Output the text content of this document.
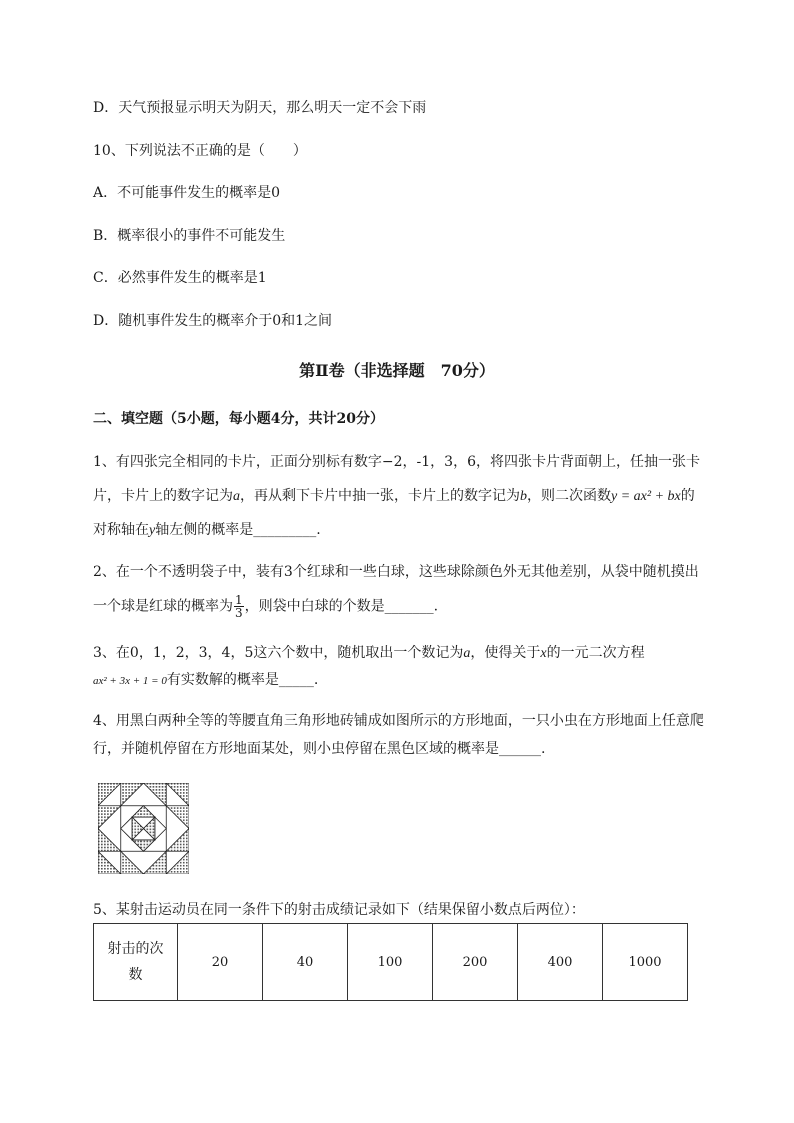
D．天气预报显示明天为阴天，那么明天一定不会下雨
10、下列说法不正确的是（　　）
A．不可能事件发生的概率是0
B．概率很小的事件不可能发生
C．必然事件发生的概率是1
D．随机事件发生的概率介于0和1之间
第Ⅱ卷（非选择题　70分）
二、填空题（5小题，每小题4分，共计20分）
1、有四张完全相同的卡片，正面分别标有数字−2，-1，3，6，将四张卡片背面朝上，任抽一张卡
片，卡片上的数字记为a，再从剩下卡片中抽一张，卡片上的数字记为b，则二次函数y = ax² + bx的
对称轴在y轴左侧的概率是_________.
2、在一个不透明袋子中，装有3个红球和一些白球，这些球除颜色外无其他差别，从袋中随机摸出
一个球是红球的概率为 $\frac{1}{3}$ ，则袋中白球的个数是_______.
3、在0，1，2，3，4，5这六个数中，随机取出一个数记为a，使得关于x的一元二次方程
ax² + 3x + 1 = 0有实数解的概率是_____.
4、用黑白两种全等的等腰直角三角形地砖铺成如图所示的方形地面，一只小虫在方形地面上任意爬
行，并随机停留在方形地面某处，则小虫停留在黑色区域的概率是______.
5、某射击运动员在同一条件下的射击成绩记录如下（结果保留小数点后两位）：
射击的次
数	20	40	100	200	400	1000
